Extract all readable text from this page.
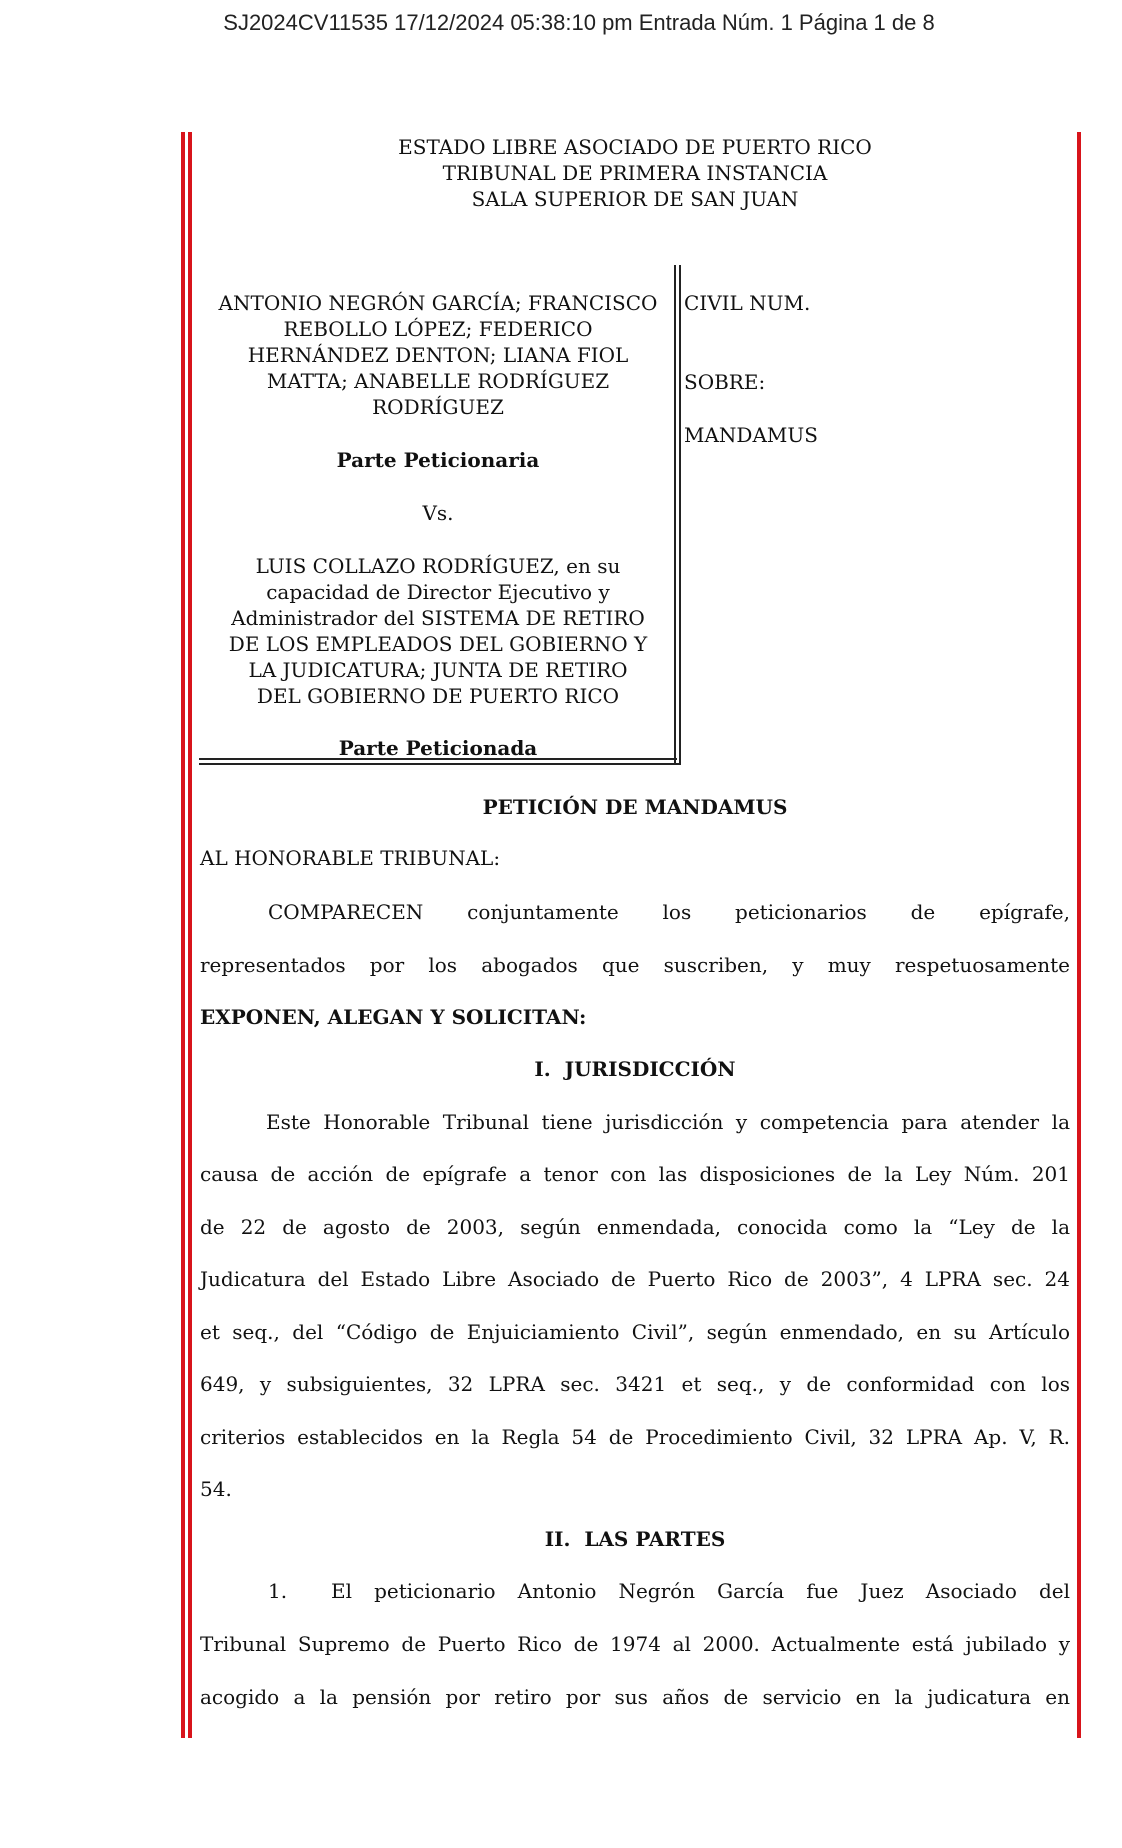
SJ2024CV11535 17/12/2024 05:38:10 pm Entrada Núm. 1 Página 1 de 8
ESTADO LIBRE ASOCIADO DE PUERTO RICO
TRIBUNAL DE PRIMERA INSTANCIA
SALA SUPERIOR DE SAN JUAN
ANTONIO NEGRÓN GARCÍA; FRANCISCO
REBOLLO LÓPEZ; FEDERICO
HERNÁNDEZ DENTON; LIANA FIOL
MATTA; ANABELLE RODRÍGUEZ
RODRÍGUEZ
Parte Peticionaria
Vs.
LUIS COLLAZO RODRÍGUEZ, en su
capacidad de Director Ejecutivo y
Administrador del SISTEMA DE RETIRO
DE LOS EMPLEADOS DEL GOBIERNO Y
LA JUDICATURA; JUNTA DE RETIRO
DEL GOBIERNO DE PUERTO RICO
Parte Peticionada
CIVIL NUM.
SOBRE:
MANDAMUS
PETICIÓN DE MANDAMUS
AL HONORABLE TRIBUNAL:
COMPARECEN conjuntamente los peticionarios de epígrafe,
representados por los abogados que suscriben, y muy respetuosamente
EXPONEN, ALEGAN Y SOLICITAN:
I.  JURISDICCIÓN
Este Honorable Tribunal tiene jurisdicción y competencia para atender la
causa de acción de epígrafe a tenor con las disposiciones de la Ley Núm. 201
de 22 de agosto de 2003, según enmendada, conocida como la “Ley de la
Judicatura del Estado Libre Asociado de Puerto Rico de 2003”, 4 LPRA sec. 24
et seq., del “Código de Enjuiciamiento Civil”, según enmendado, en su Artículo
649, y subsiguientes, 32 LPRA sec. 3421 et seq., y de conformidad con los
criterios establecidos en la Regla 54 de Procedimiento Civil, 32 LPRA Ap. V, R.
54.
II.  LAS PARTES
1. El peticionario Antonio Negrón García fue Juez Asociado del
Tribunal Supremo de Puerto Rico de 1974 al 2000. Actualmente está jubilado y
acogido a la pensión por retiro por sus años de servicio en la judicatura en
